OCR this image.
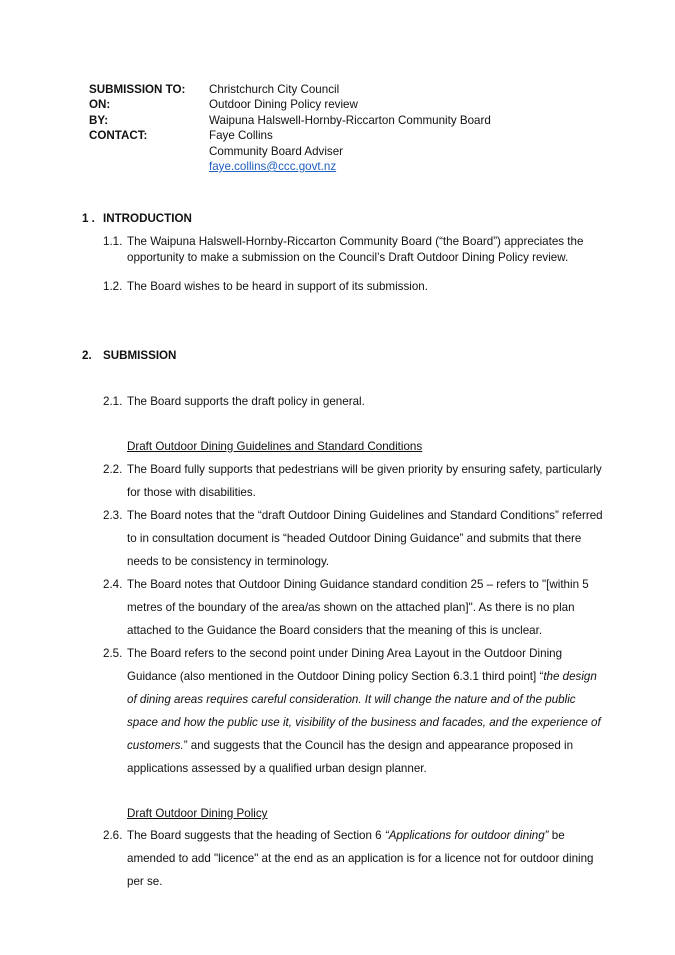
SUBMISSION TO:	Christchurch City Council
ON:	Outdoor Dining Policy review
BY:	Waipuna Halswell-Hornby-Riccarton Community Board
CONTACT:	Faye Collins
Community Board Adviser
faye.collins@ccc.govt.nz
1 . INTRODUCTION
1.1. The Waipuna Halswell-Hornby-Riccarton Community Board (“the Board”) appreciates the opportunity to make a submission on the Council’s Draft Outdoor Dining Policy review.
1.2. The Board wishes to be heard in support of its submission.
2. SUBMISSION
2.1. The Board supports the draft policy in general.
Draft Outdoor Dining Guidelines and Standard Conditions
2.2. The Board fully supports that pedestrians will be given priority by ensuring safety, particularly for those with disabilities.
2.3. The Board notes that the “draft Outdoor Dining Guidelines and Standard Conditions” referred to in consultation document is “headed Outdoor Dining Guidance” and submits that there needs to be consistency in terminology.
2.4. The Board notes that Outdoor Dining Guidance standard condition 25 – refers to "[within 5 metres of the boundary of the area/as shown on the attached plan]". As there is no plan attached to the Guidance the Board considers that the meaning of this is unclear.
2.5. The Board refers to the second point under Dining Area Layout in the Outdoor Dining Guidance (also mentioned in the Outdoor Dining policy Section 6.3.1 third point] “the design of dining areas requires careful consideration. It will change the nature and of the public space and how the public use it, visibility of the business and facades, and the experience of customers.” and suggests that the Council has the design and appearance proposed in applications assessed by a qualified urban design planner.
Draft Outdoor Dining Policy
2.6. The Board suggests that the heading of Section 6 “Applications for outdoor dining” be amended to add "licence" at the end as an application is for a licence not for outdoor dining per se.
